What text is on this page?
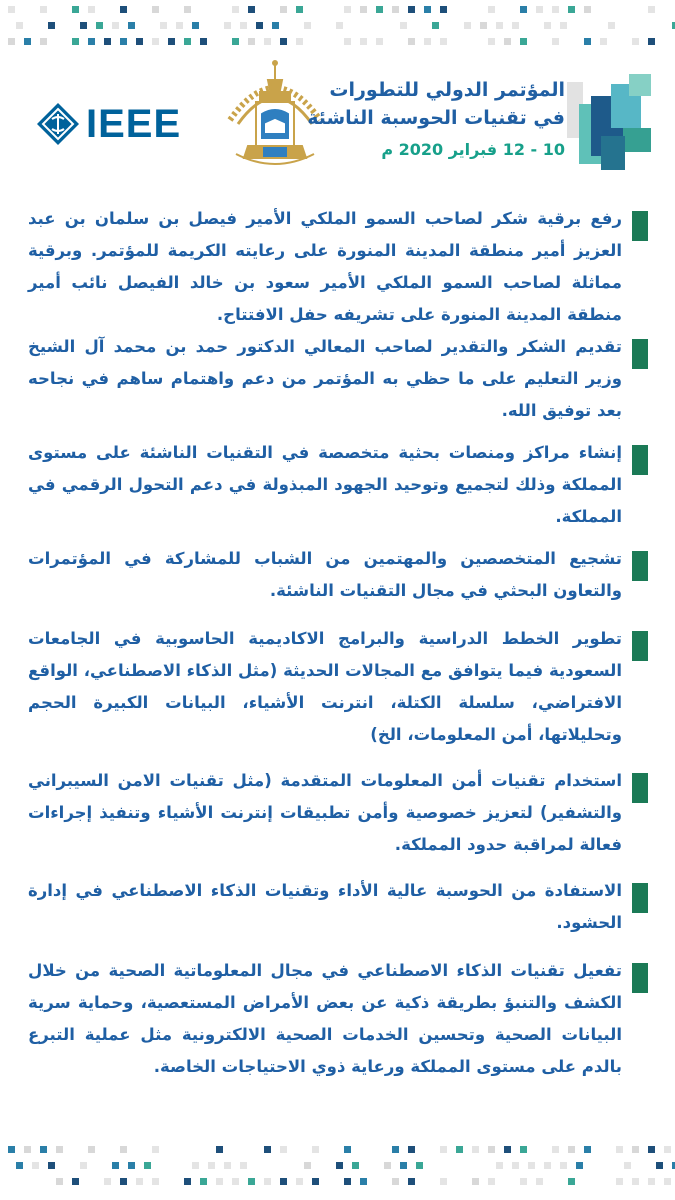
IEEE
المؤتمر الدولي للتطورات
في تقنيات الحوسبة الناشئة
10 - 12 فبراير 2020 م

رفع برقية شكر لصاحب السمو الملكي الأمير فيصل بن سلمان بن عبد العزيز أمير منطقة المدينة المنورة على رعايته الكريمة للمؤتمر. وبرقية مماثلة لصاحب السمو الملكي الأمير سعود بن خالد الفيصل نائب أمير منطقة المدينة المنورة على تشريفه حفل الافتتاح.

تقديم الشكر والتقدير لصاحب المعالي الدكتور حمد بن محمد آل الشيخ وزير التعليم على ما حظي به المؤتمر من دعم واهتمام ساهم في نجاحه بعد توفيق الله.

إنشاء مراكز ومنصات بحثية متخصصة في التقنيات الناشئة على مستوى المملكة وذلك لتجميع وتوحيد الجهود المبذولة في دعم التحول الرقمي في المملكة.

تشجيع المتخصصين والمهتمين من الشباب للمشاركة في المؤتمرات والتعاون البحثي في مجال التقنيات الناشئة.

تطوير الخطط الدراسية والبرامج الاكاديمية الحاسوبية في الجامعات السعودية فيما يتوافق مع المجالات الحديثة (مثل الذكاء الاصطناعي، الواقع الافتراضي، سلسلة الكتلة، انترنت الأشياء، البيانات الكبيرة الحجم وتحليلاتها، أمن المعلومات، الخ)

استخدام تقنيات أمن المعلومات المتقدمة (مثل تقنيات الامن السيبراني والتشفير) لتعزيز خصوصية وأمن تطبيقات إنترنت الأشياء وتنفيذ إجراءات فعالة لمراقبة حدود المملكة.

الاستفادة من الحوسبة عالية الأداء وتقنيات الذكاء الاصطناعي في إدارة الحشود.

تفعيل تقنيات الذكاء الاصطناعي في مجال المعلوماتية الصحية من خلال الكشف والتنبؤ بطريقة ذكية عن بعض الأمراض المستعصية، وحماية سرية البيانات الصحية وتحسين الخدمات الصحية الالكترونية مثل عملية التبرع بالدم على مستوى المملكة ورعاية ذوي الاحتياجات الخاصة.
